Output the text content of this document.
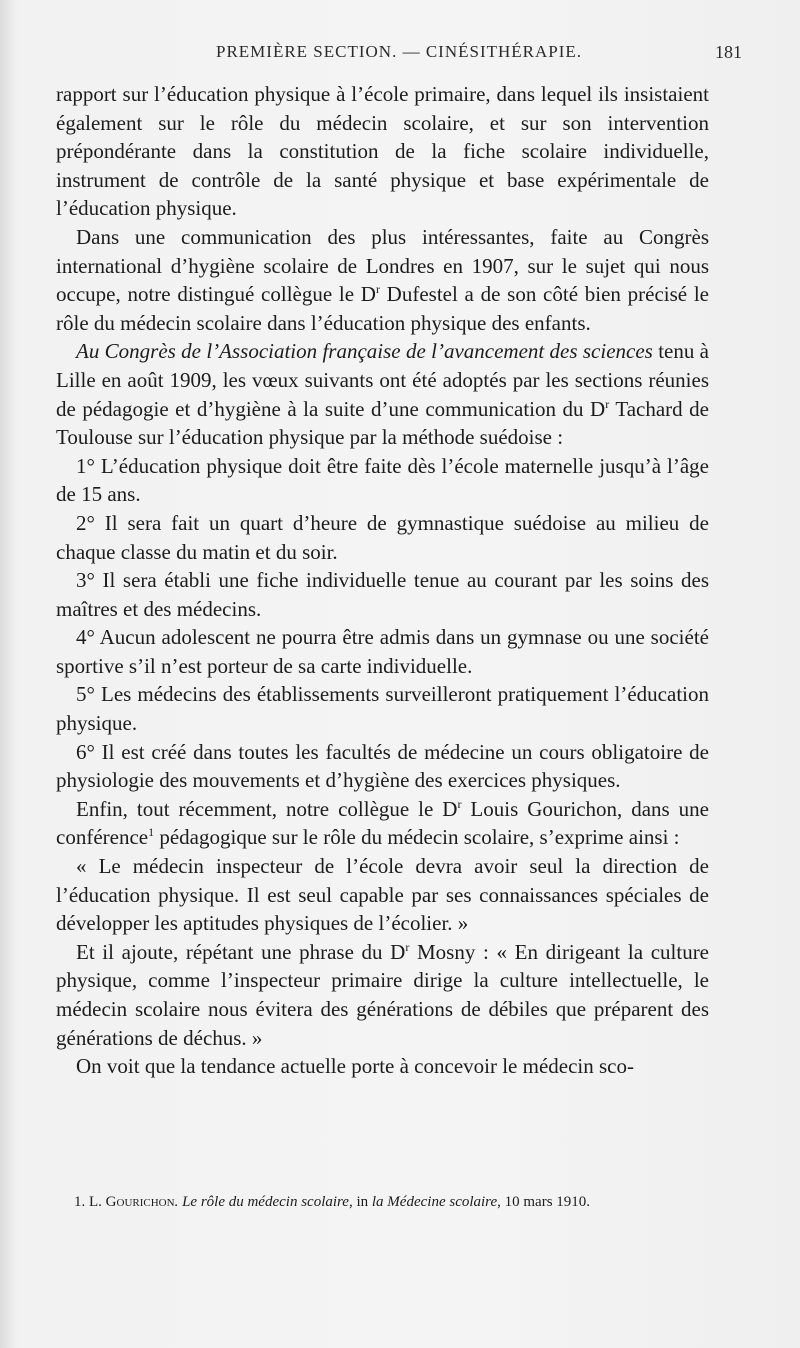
PREMIÈRE SECTION. — CINÉSITHÉRAPIE.	181

rapport sur l’éducation physique à l’école primaire, dans lequel ils insistaient également sur le rôle du médecin scolaire, et sur son intervention prépondérante dans la constitution de la fiche scolaire individuelle, instrument de contrôle de la santé physique et base expérimentale de l’éducation physique.

Dans une communication des plus intéressantes, faite au Congrès international d’hygiène scolaire de Londres en 1907, sur le sujet qui nous occupe, notre distingué collègue le $D^r$ Dufestel a de son côté bien précisé le rôle du médecin scolaire dans l’éducation physique des enfants.

Au Congrès de l’Association française de l’avancement des sciences tenu à Lille en août 1909, les vœux suivants ont été adoptés par les sections réunies de pédagogie et d’hygiène à la suite d’une communication du $D^r$ Tachard de Toulouse sur l’éducation physique par la méthode suédoise :

1° L’éducation physique doit être faite dès l’école maternelle jusqu’à l’âge de 15 ans.

2° Il sera fait un quart d’heure de gymnastique suédoise au milieu de chaque classe du matin et du soir.

3° Il sera établi une fiche individuelle tenue au courant par les soins des maîtres et des médecins.

4° Aucun adolescent ne pourra être admis dans un gymnase ou une société sportive s’il n’est porteur de sa carte individuelle.

5° Les médecins des établissements surveilleront pratiquement l’éducation physique.

6° Il est créé dans toutes les facultés de médecine un cours obligatoire de physiologie des mouvements et d’hygiène des exercices physiques.

Enfin, tout récemment, notre collègue le $D^r$ Louis Gourichon, dans une conférence$^1$ pédagogique sur le rôle du médecin scolaire, s’exprime ainsi :

« Le médecin inspecteur de l’école devra avoir seul la direction de l’éducation physique. Il est seul capable par ses connaissances spéciales de développer les aptitudes physiques de l’écolier. »

Et il ajoute, répétant une phrase du $D^r$ Mosny : « En dirigeant la culture physique, comme l’inspecteur primaire dirige la culture intellectuelle, le médecin scolaire nous évitera des générations de débiles que préparent des générations de déchus. »

On voit que la tendance actuelle porte à concevoir le médecin sco-

1. L. Gourichon. Le rôle du médecin scolaire, in la Médecine scolaire, 10 mars 1910.
